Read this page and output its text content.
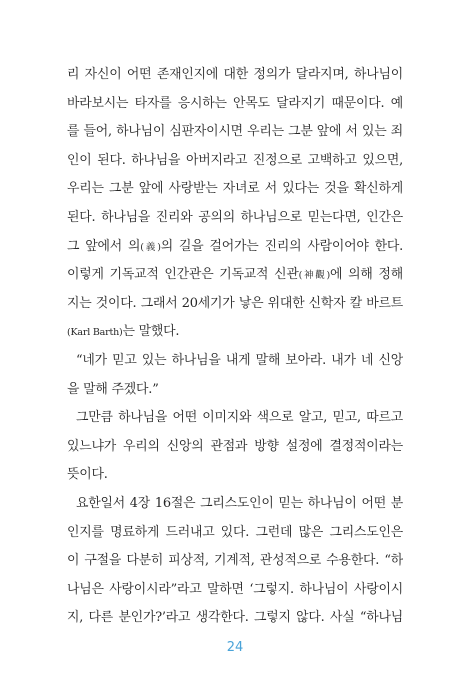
리 자신이 어떤 존재인지에 대한 정의가 달라지며, 하나님이
바라보시는 타자를 응시하는 안목도 달라지기 때문이다. 예
를 들어, 하나님이 심판자이시면 우리는 그분 앞에 서 있는 죄
인이 된다. 하나님을 아버지라고 진정으로 고백하고 있으면,
우리는 그분 앞에 사랑받는 자녀로 서 있다는 것을 확신하게
된다. 하나님을 진리와 공의의 하나님으로 믿는다면, 인간은
그 앞에서 의(義)의 길을 걸어가는 진리의 사람이어야 한다.
이렇게 기독교적 인간관은 기독교적 신관(神觀)에 의해 정해
지는 것이다. 그래서 20세기가 낳은 위대한 신학자 칼 바르트
(Karl Barth)는 말했다.
“네가 믿고 있는 하나님을 내게 말해 보아라. 내가 네 신앙
을 말해 주겠다.”
그만큼 하나님을 어떤 이미지와 색으로 알고, 믿고, 따르고
있느냐가 우리의 신앙의 관점과 방향 설정에 결정적이라는
뜻이다.
요한일서 4장 16절은 그리스도인이 믿는 하나님이 어떤 분
인지를 명료하게 드러내고 있다. 그런데 많은 그리스도인은
이 구절을 다분히 피상적, 기계적, 관성적으로 수용한다. “하
나님은 사랑이시라”라고 말하면 ‘그렇지. 하나님이 사랑이시
지, 다른 분인가?’라고 생각한다. 그렇지 않다. 사실 “하나님
24
